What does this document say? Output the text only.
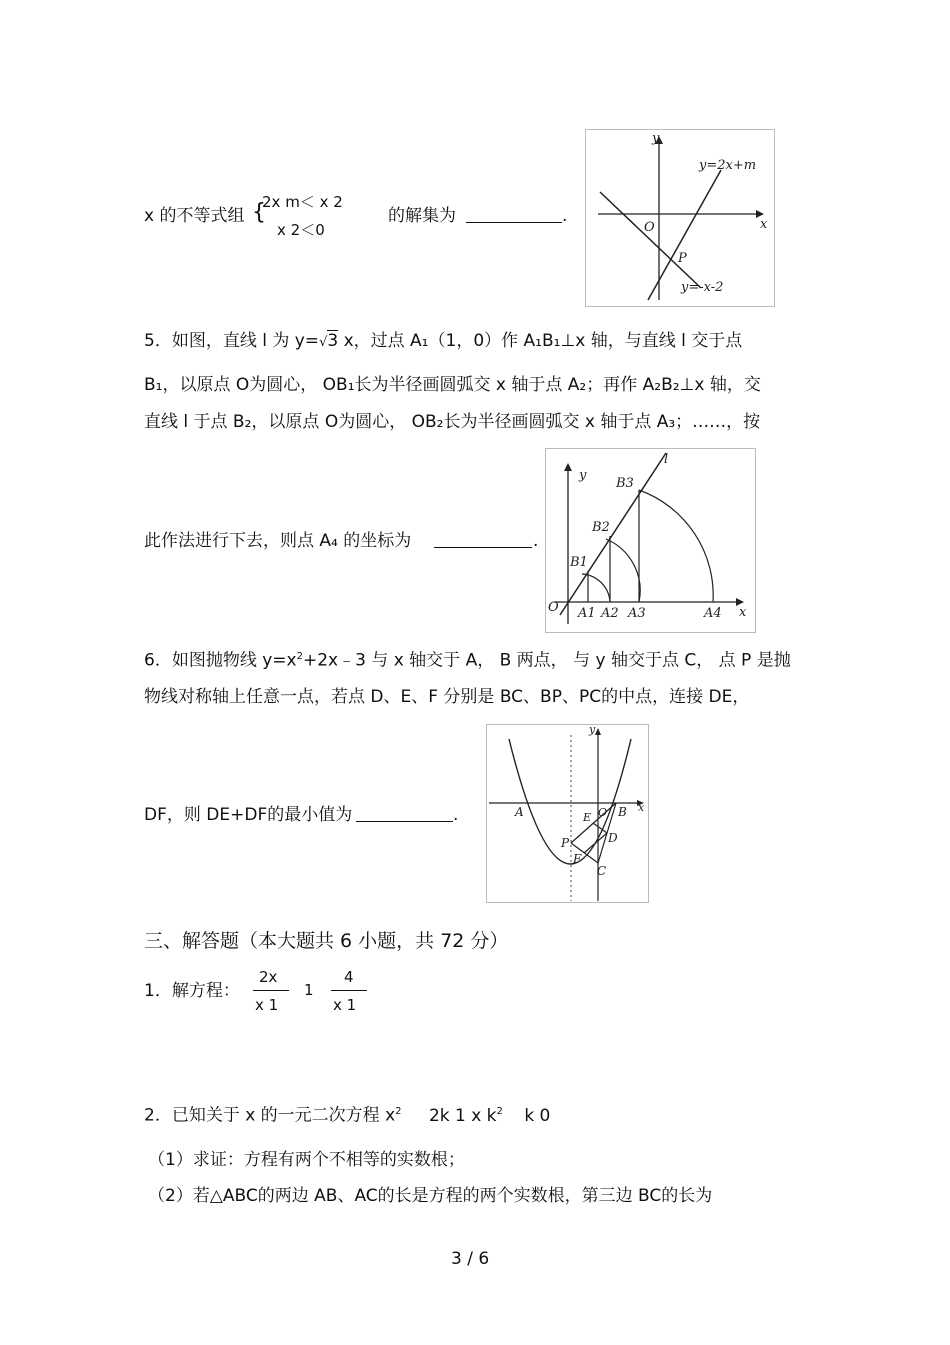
x 的不等式组 {
2x m＜ x 2
x 2＜0
的解集为	.
y
x
O
P
y=2x+m
y=-x-2
5．如图，直线 l 为 y=√3 x，过点 A₁（1，0）作 A₁B₁⊥x 轴，与直线 l 交于点
B₁，以原点 O为圆心， OB₁长为半径画圆弧交 x 轴于点 A₂；再作 A₂B₂⊥x 轴，交
直线 l 于点 B₂，以原点 O为圆心， OB₂长为半径画圆弧交 x 轴于点 A₃；……，按
此作法进行下去，则点 A₄ 的坐标为	.
l
y
x
O
B1
B2
B3
A1 A2 A3	A4
6．如图抛物线 $y=x^2+2x﹣3$ 与 x 轴交于 A， B 两点， 与 y 轴交于点 C， 点 P 是抛
物线对称轴上任意一点，若点 D、E、F 分别是 BC、BP、PC的中点，连接 DE，
DF，则 DE+DF的最小值为	.
y
x
A	B
O
E
D
P
F
C
三、解答题（本大题共 6 小题，共 72 分）
1．解方程：
2x
x 1
1
4
x 1
2．已知关于 x 的一元二次方程 $x^2$ 2k 1 x $k^2$ k 0
（1）求证：方程有两个不相等的实数根；
（2）若△ABC的两边 AB、AC的长是方程的两个实数根，第三边 BC的长为
3 / 6
